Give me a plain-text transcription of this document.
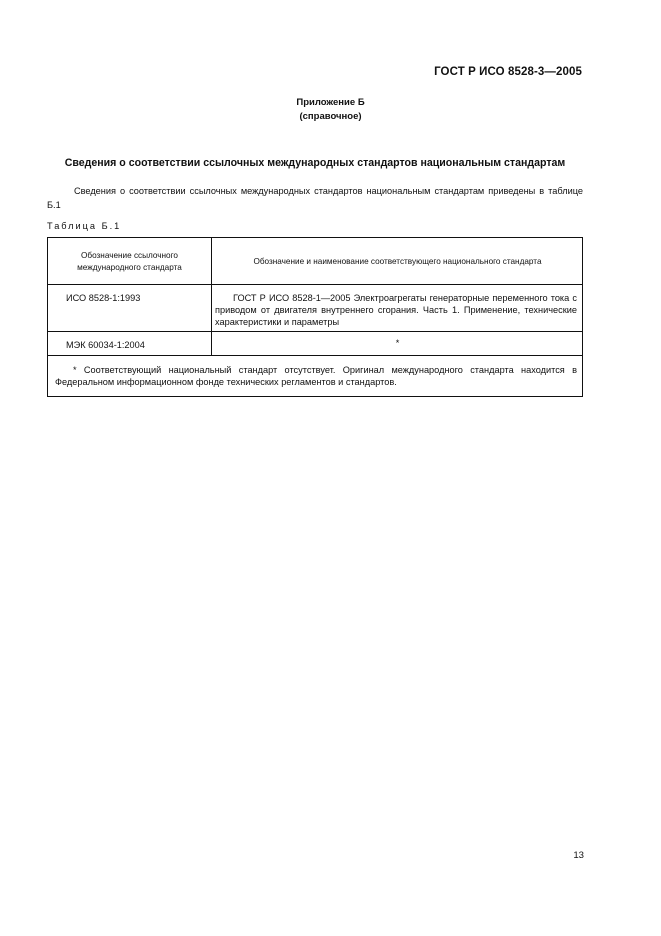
ГОСТ Р ИСО 8528-3—2005
Приложение Б
(справочное)
Сведения о соответствии ссылочных международных стандартов национальным стандартам
Сведения о соответствии ссылочных международных стандартов национальным стандартам приведены в таблице Б.1
Таблица Б.1
Обозначение ссылочного международного стандарта
Обозначение и наименование соответствующего национального стандарта
ИСО 8528-1:1993	ГОСТ Р ИСО 8528-1—2005 Электроагрегаты генераторные переменного тока с приводом от двигателя внутреннего сгорания. Часть 1. Применение, технические характеристики и параметры
МЭК 60034-1:2004	*
* Соответствующий национальный стандарт отсутствует. Оригинал международного стандарта находится в Федеральном информационном фонде технических регламентов и стандартов.
13
